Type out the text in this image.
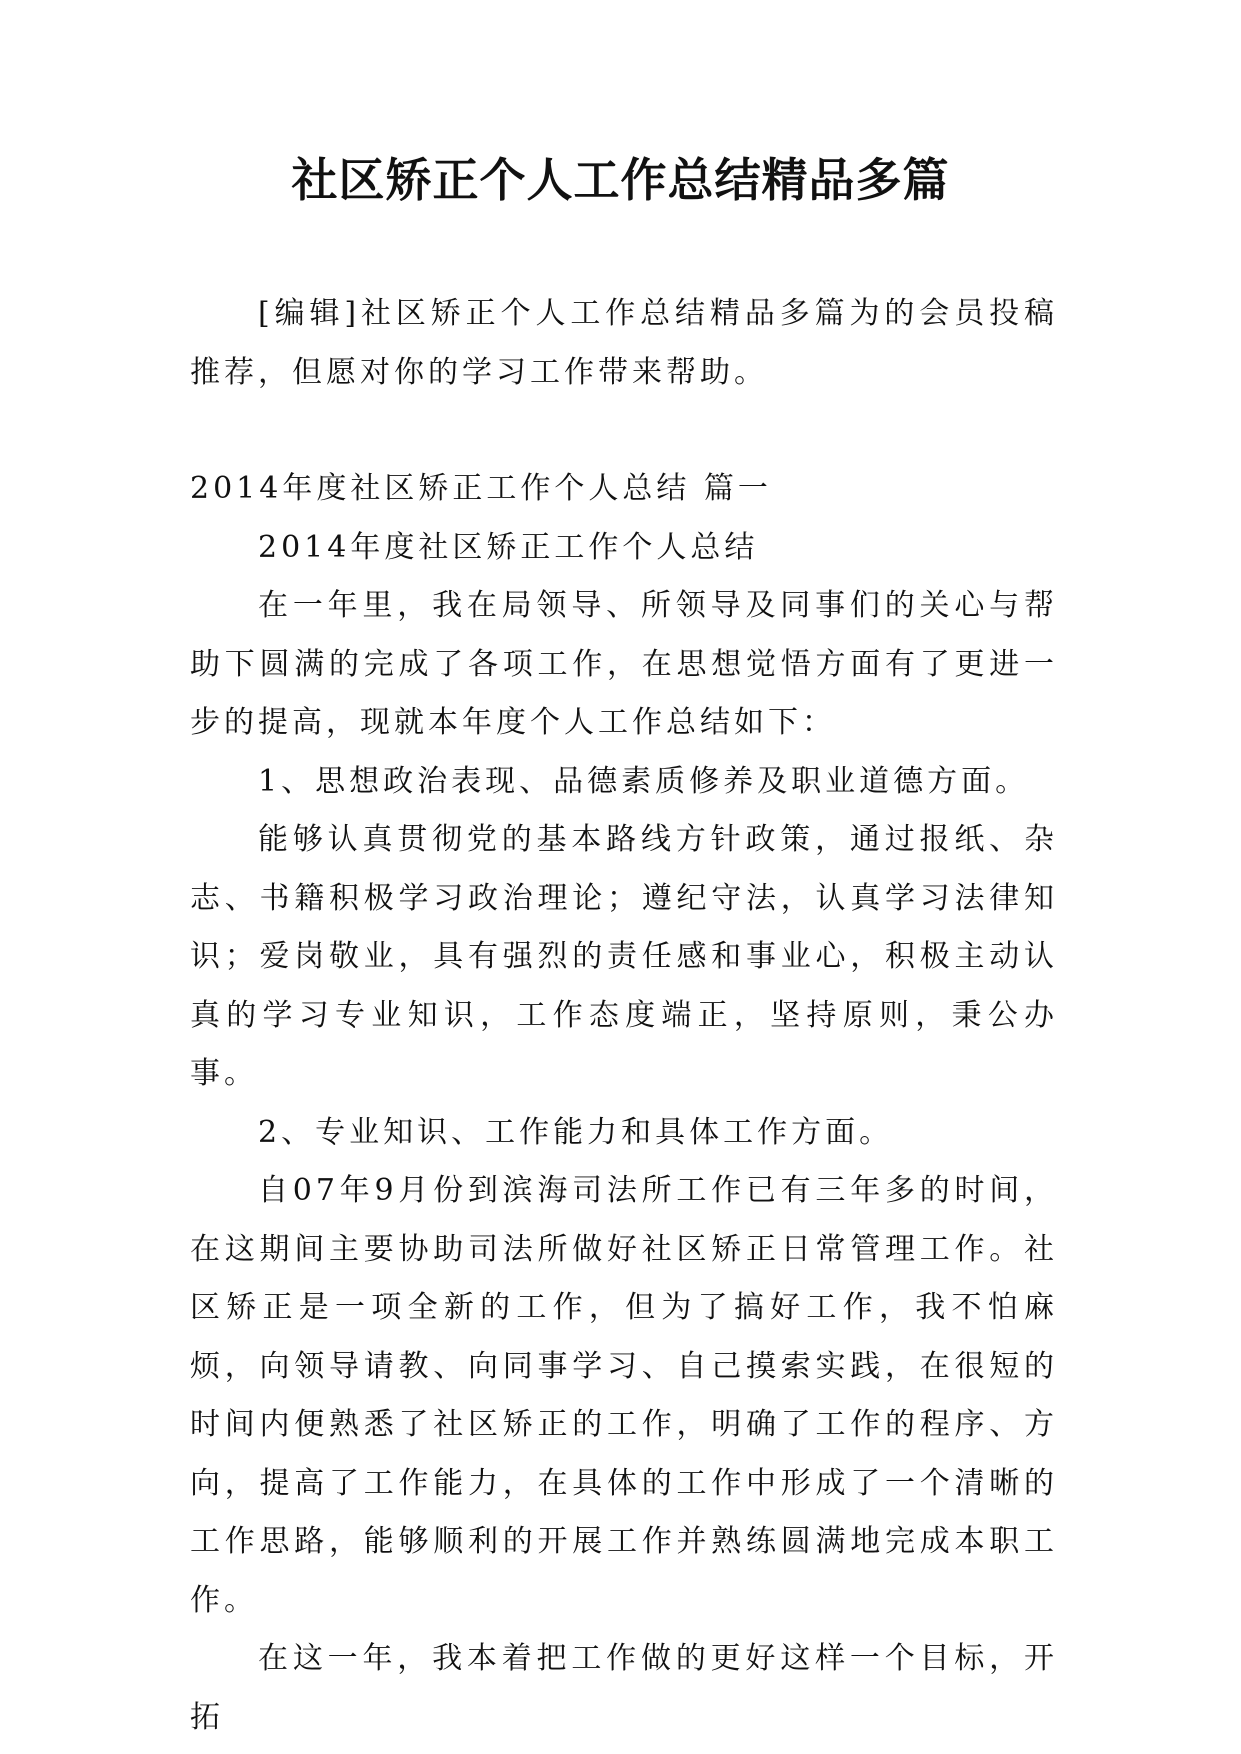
社区矫正个人工作总结精品多篇

[编辑]社区矫正个人工作总结精品多篇为的会员投稿推荐，但愿对你的学习工作带来帮助。

2014年度社区矫正工作个人总结 篇一

2014年度社区矫正工作个人总结

在一年里，我在局领导、所领导及同事们的关心与帮助下圆满的完成了各项工作，在思想觉悟方面有了更进一步的提高，现就本年度个人工作总结如下：

1、思想政治表现、品德素质修养及职业道德方面。

能够认真贯彻党的基本路线方针政策，通过报纸、杂志、书籍积极学习政治理论；遵纪守法，认真学习法律知识；爱岗敬业，具有强烈的责任感和事业心，积极主动认真的学习专业知识，工作态度端正，坚持原则，秉公办事。

2、专业知识、工作能力和具体工作方面。

自07年9月份到滨海司法所工作已有三年多的时间，在这期间主要协助司法所做好社区矫正日常管理工作。社区矫正是一项全新的工作，但为了搞好工作，我不怕麻烦，向领导请教、向同事学习、自己摸索实践，在很短的时间内便熟悉了社区矫正的工作，明确了工作的程序、方向，提高了工作能力，在具体的工作中形成了一个清晰的工作思路，能够顺利的开展工作并熟练圆满地完成本职工作。

在这一年，我本着把工作做的更好这样一个目标，开拓
